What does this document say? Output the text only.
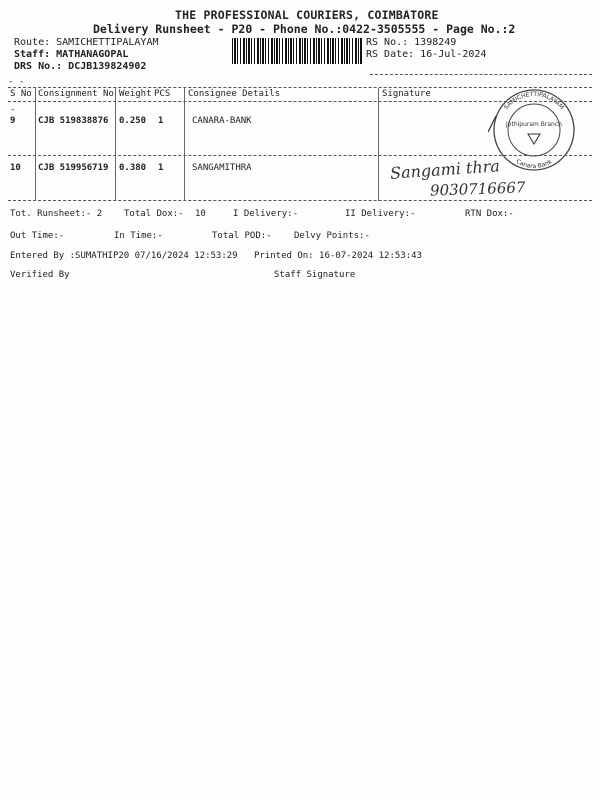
THE PROFESSIONAL COURIERS, COIMBATORE
Delivery Runsheet - P20 - Phone No.:0422-3505555 - Page No.:2
Route: SAMICHETTIPALAYAM
Staff: MATHANAGOPAL
DRS No.: DCJB139824902
RS No.: 1398249
RS Date: 16-Jul-2024
- -
S No Consignment No Weight PCS Consignee Details	Signature
-
9	CJB 519838876 0.250 1	CANARA-BANK
SAMICHETTIPALAYAM
Canara Bank
Jothipuram Branch
10 CJB 519956719 0.380 1	SANGAMITHRA	Sangami thra
9030716667
Tot. Runsheet:- 2 Total Dox:- 10	I Delivery:-	II Delivery:-	RTN Dox:-
Out Time:-	In Time:-	Total POD:- Delvy Points:-
Entered By :SUMATHIP20 07/16/2024 12:53:29 Printed On: 16-07-2024 12:53:43
Verified By	Staff Signature
